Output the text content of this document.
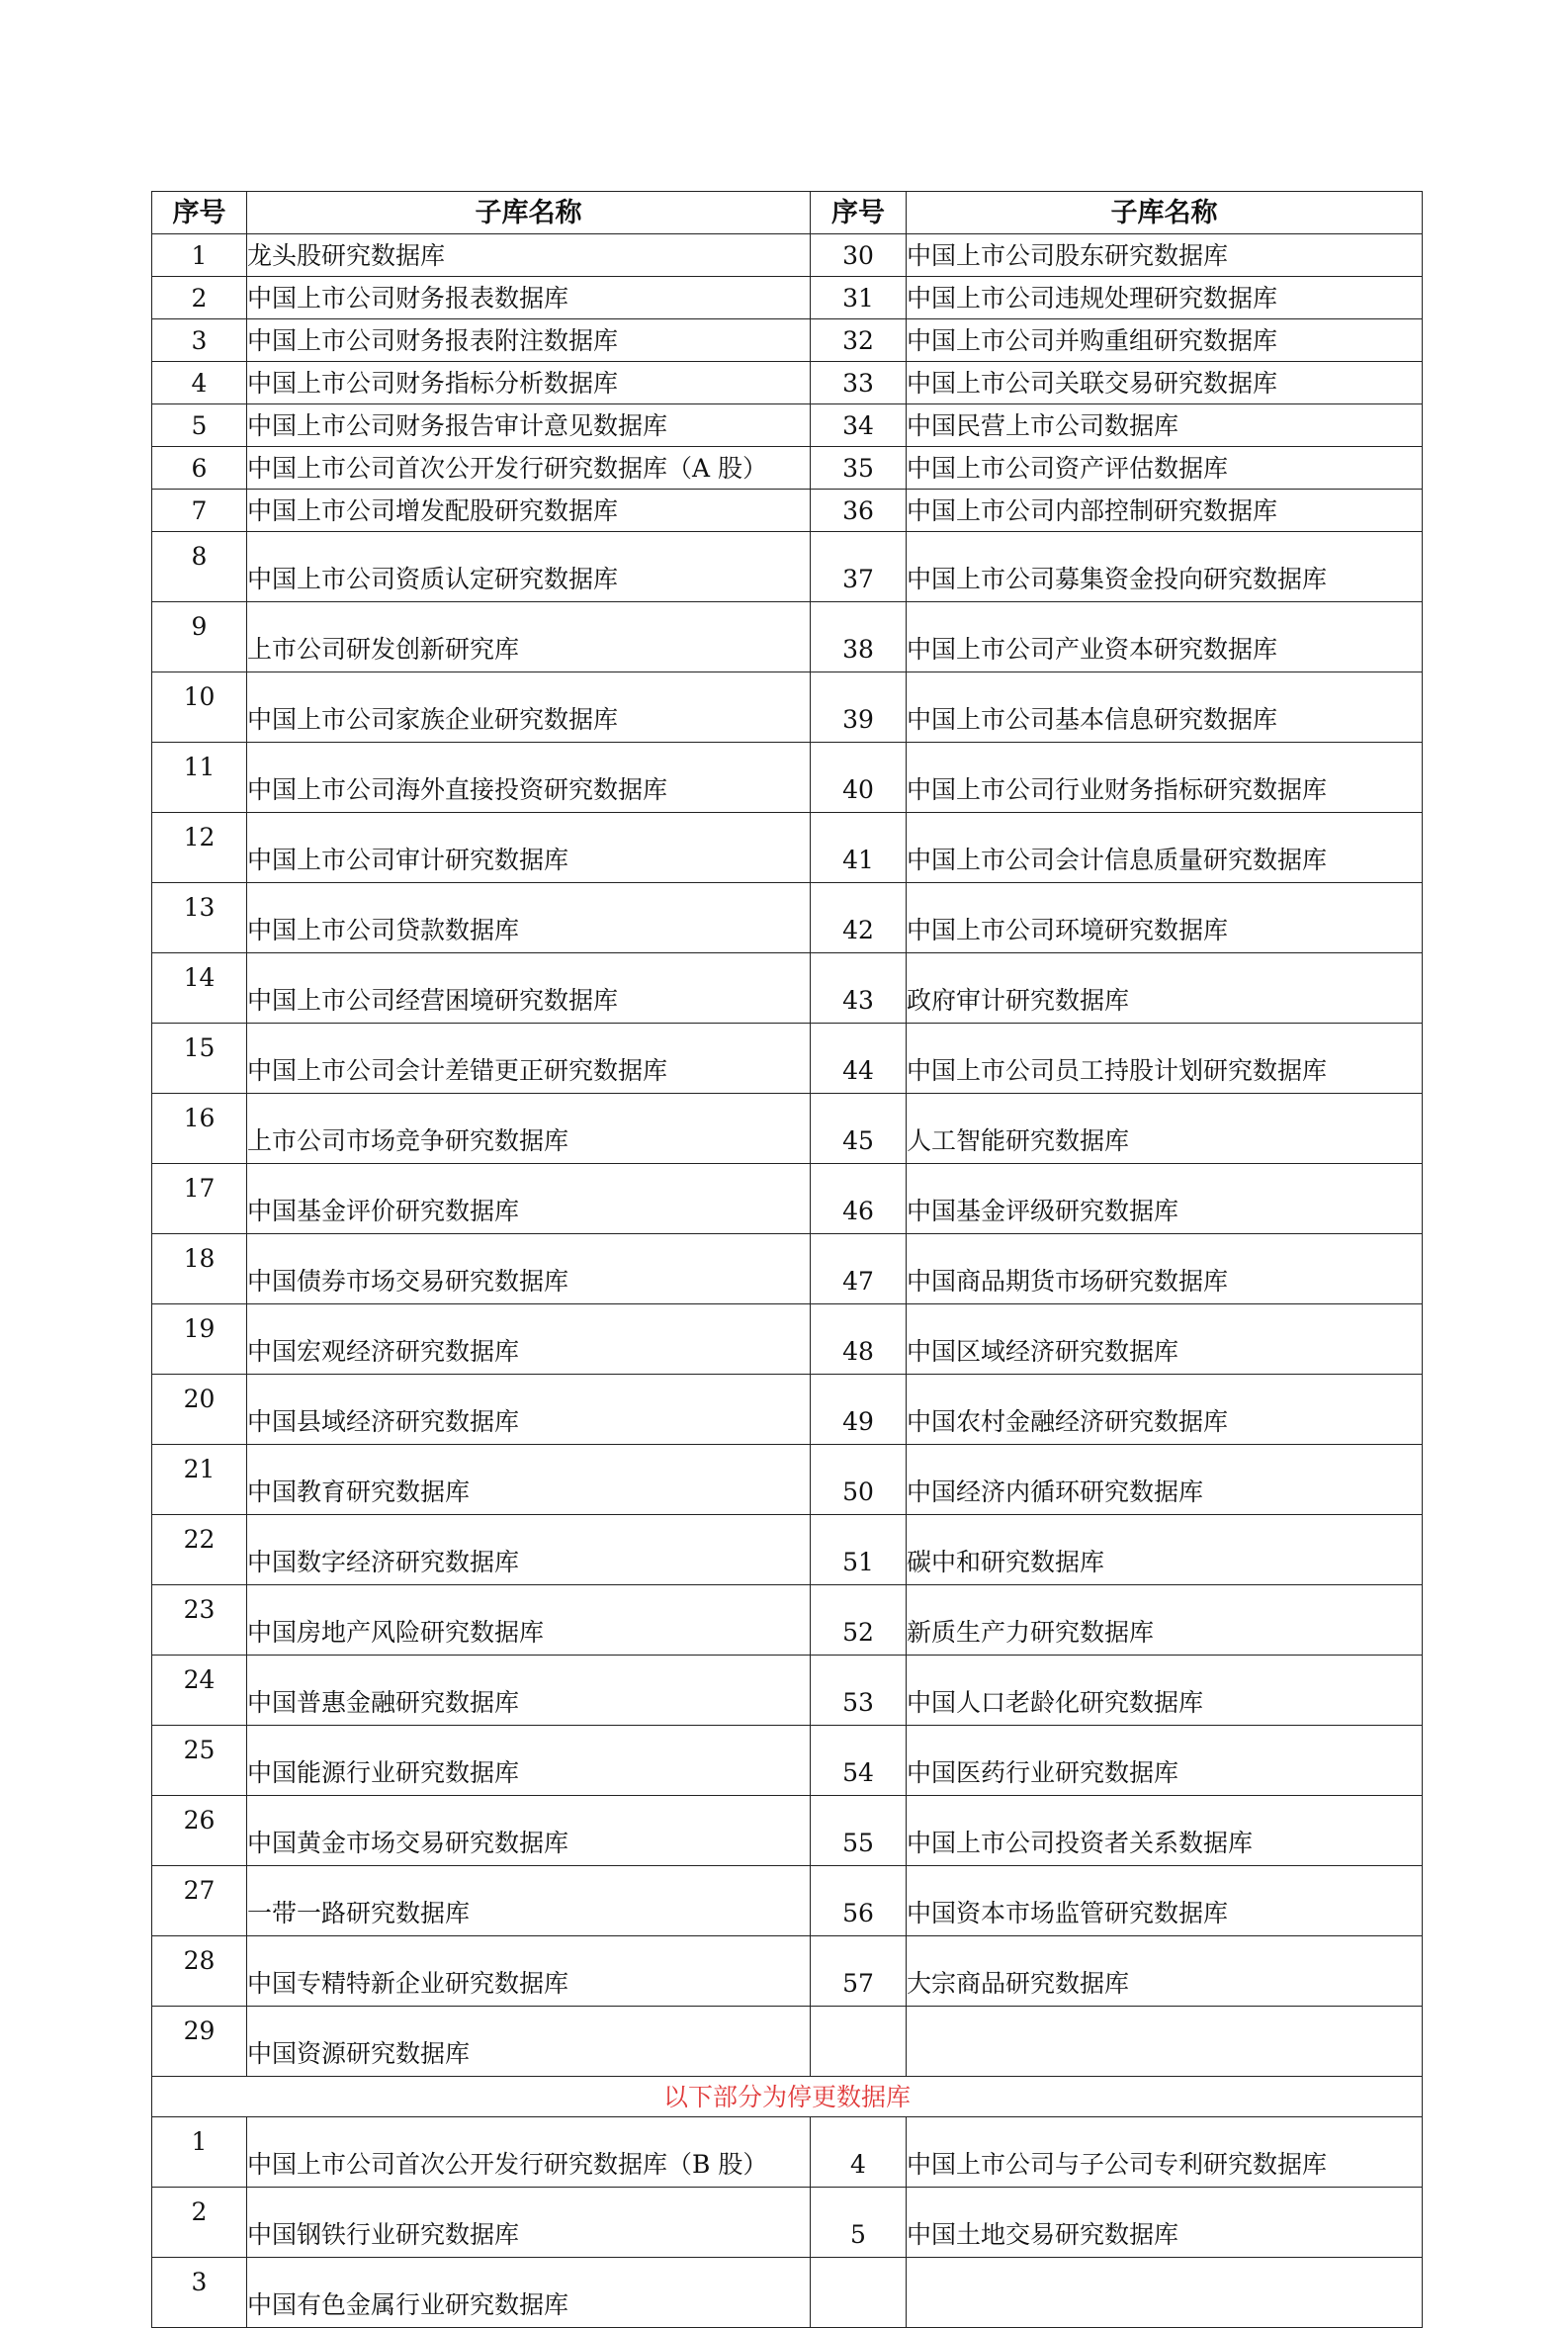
序号	子库名称	序号	子库名称
1	龙头股研究数据库	30	中国上市公司股东研究数据库
2	中国上市公司财务报表数据库	31	中国上市公司违规处理研究数据库
3	中国上市公司财务报表附注数据库	32	中国上市公司并购重组研究数据库
4	中国上市公司财务指标分析数据库	33	中国上市公司关联交易研究数据库
5	中国上市公司财务报告审计意见数据库	34	中国民营上市公司数据库
6	中国上市公司首次公开发行研究数据库（A 股）	35	中国上市公司资产评估数据库
7	中国上市公司增发配股研究数据库	36	中国上市公司内部控制研究数据库
8	中国上市公司资质认定研究数据库	37	中国上市公司募集资金投向研究数据库
9	上市公司研发创新研究库	38	中国上市公司产业资本研究数据库
10	中国上市公司家族企业研究数据库	39	中国上市公司基本信息研究数据库
11	中国上市公司海外直接投资研究数据库	40	中国上市公司行业财务指标研究数据库
12	中国上市公司审计研究数据库	41	中国上市公司会计信息质量研究数据库
13	中国上市公司贷款数据库	42	中国上市公司环境研究数据库
14	中国上市公司经营困境研究数据库	43	政府审计研究数据库
15	中国上市公司会计差错更正研究数据库	44	中国上市公司员工持股计划研究数据库
16	上市公司市场竞争研究数据库	45	人工智能研究数据库
17	中国基金评价研究数据库	46	中国基金评级研究数据库
18	中国债券市场交易研究数据库	47	中国商品期货市场研究数据库
19	中国宏观经济研究数据库	48	中国区域经济研究数据库
20	中国县域经济研究数据库	49	中国农村金融经济研究数据库
21	中国教育研究数据库	50	中国经济内循环研究数据库
22	中国数字经济研究数据库	51	碳中和研究数据库
23	中国房地产风险研究数据库	52	新质生产力研究数据库
24	中国普惠金融研究数据库	53	中国人口老龄化研究数据库
25	中国能源行业研究数据库	54	中国医药行业研究数据库
26	中国黄金市场交易研究数据库	55	中国上市公司投资者关系数据库
27	一带一路研究数据库	56	中国资本市场监管研究数据库
28	中国专精特新企业研究数据库	57	大宗商品研究数据库
29	中国资源研究数据库		
以下部分为停更数据库			
1	中国上市公司首次公开发行研究数据库（B 股）	4	中国上市公司与子公司专利研究数据库
2	中国钢铁行业研究数据库	5	中国土地交易研究数据库
3	中国有色金属行业研究数据库		
